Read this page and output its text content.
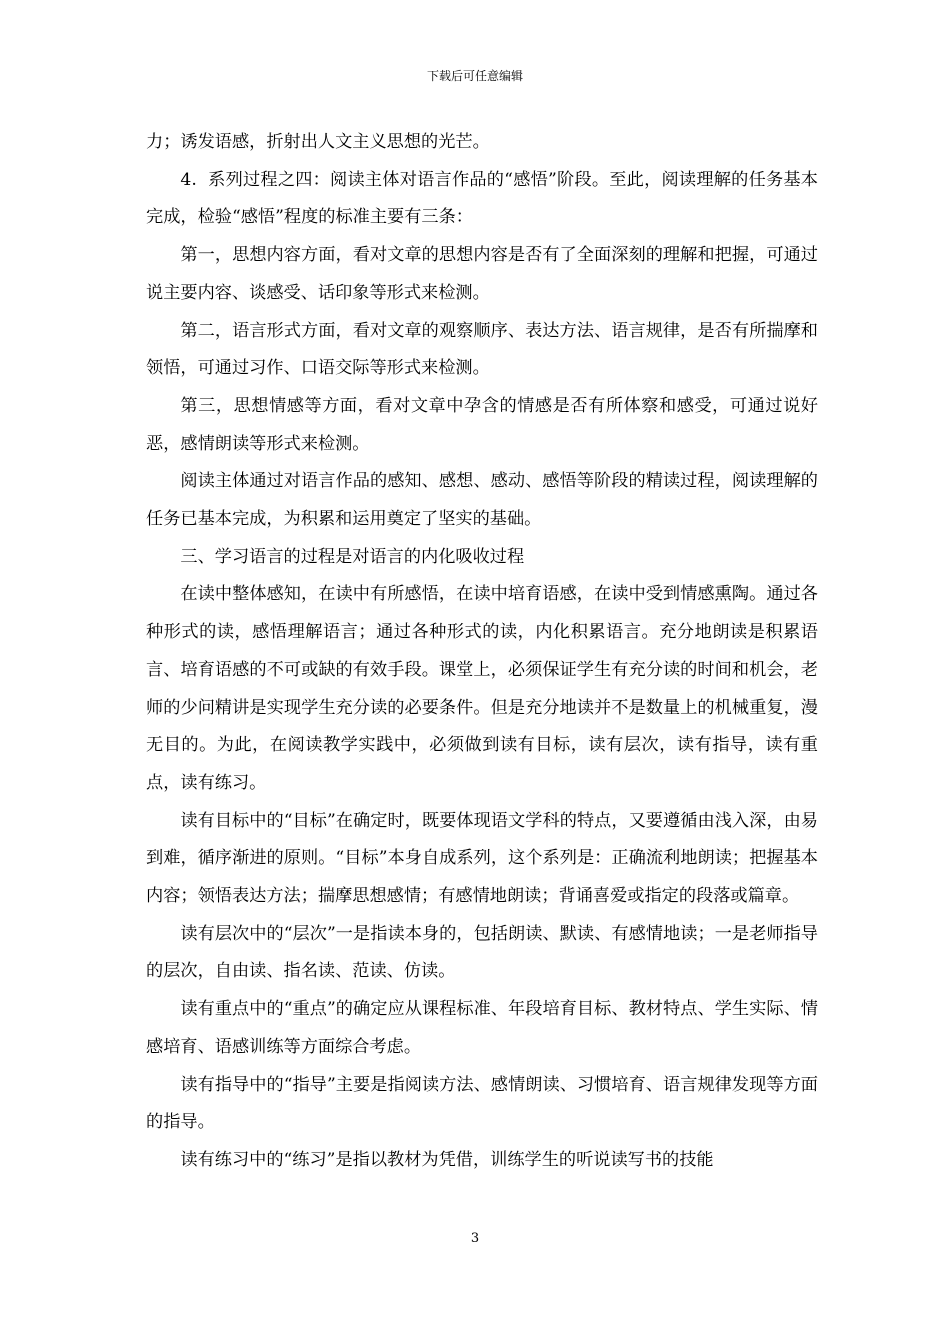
下载后可任意编辑

力；诱发语感，折射出人文主义思想的光芒。

4.  系列过程之四：阅读主体对语言作品的“感悟”阶段。至此，阅读理解的任务基本完成，检验“感悟”程度的标准主要有三条：

第一，思想内容方面，看对文章的思想内容是否有了全面深刻的理解和把握，可通过说主要内容、谈感受、话印象等形式来检测。

第二，语言形式方面，看对文章的观察顺序、表达方法、语言规律，是否有所揣摩和领悟，可通过习作、口语交际等形式来检测。

第三，思想情感等方面，看对文章中孕含的情感是否有所体察和感受，可通过说好恶，感情朗读等形式来检测。

阅读主体通过对语言作品的感知、感想、感动、感悟等阶段的精读过程，阅读理解的任务已基本完成，为积累和运用奠定了坚实的基础。

三、学习语言的过程是对语言的内化吸收过程

在读中整体感知，在读中有所感悟，在读中培育语感，在读中受到情感熏陶。通过各种形式的读，感悟理解语言；通过各种形式的读，内化积累语言。充分地朗读是积累语言、培育语感的不可或缺的有效手段。课堂上，必须保证学生有充分读的时间和机会，老师的少问精讲是实现学生充分读的必要条件。但是充分地读并不是数量上的机械重复，漫无目的。为此，在阅读教学实践中，必须做到读有目标，读有层次，读有指导，读有重点，读有练习。

读有目标中的“目标”在确定时，既要体现语文学科的特点，又要遵循由浅入深，由易到难，循序渐进的原则。“目标”本身自成系列，这个系列是：正确流利地朗读；把握基本内容；领悟表达方法；揣摩思想感情；有感情地朗读；背诵喜爱或指定的段落或篇章。

读有层次中的“层次”一是指读本身的，包括朗读、默读、有感情地读；一是老师指导的层次，自由读、指名读、范读、仿读。

读有重点中的“重点”的确定应从课程标准、年段培育目标、教材特点、学生实际、情感培育、语感训练等方面综合考虑。

读有指导中的“指导”主要是指阅读方法、感情朗读、习惯培育、语言规律发现等方面的指导。

读有练习中的“练习”是指以教材为凭借，训练学生的听说读写书的技能

3
